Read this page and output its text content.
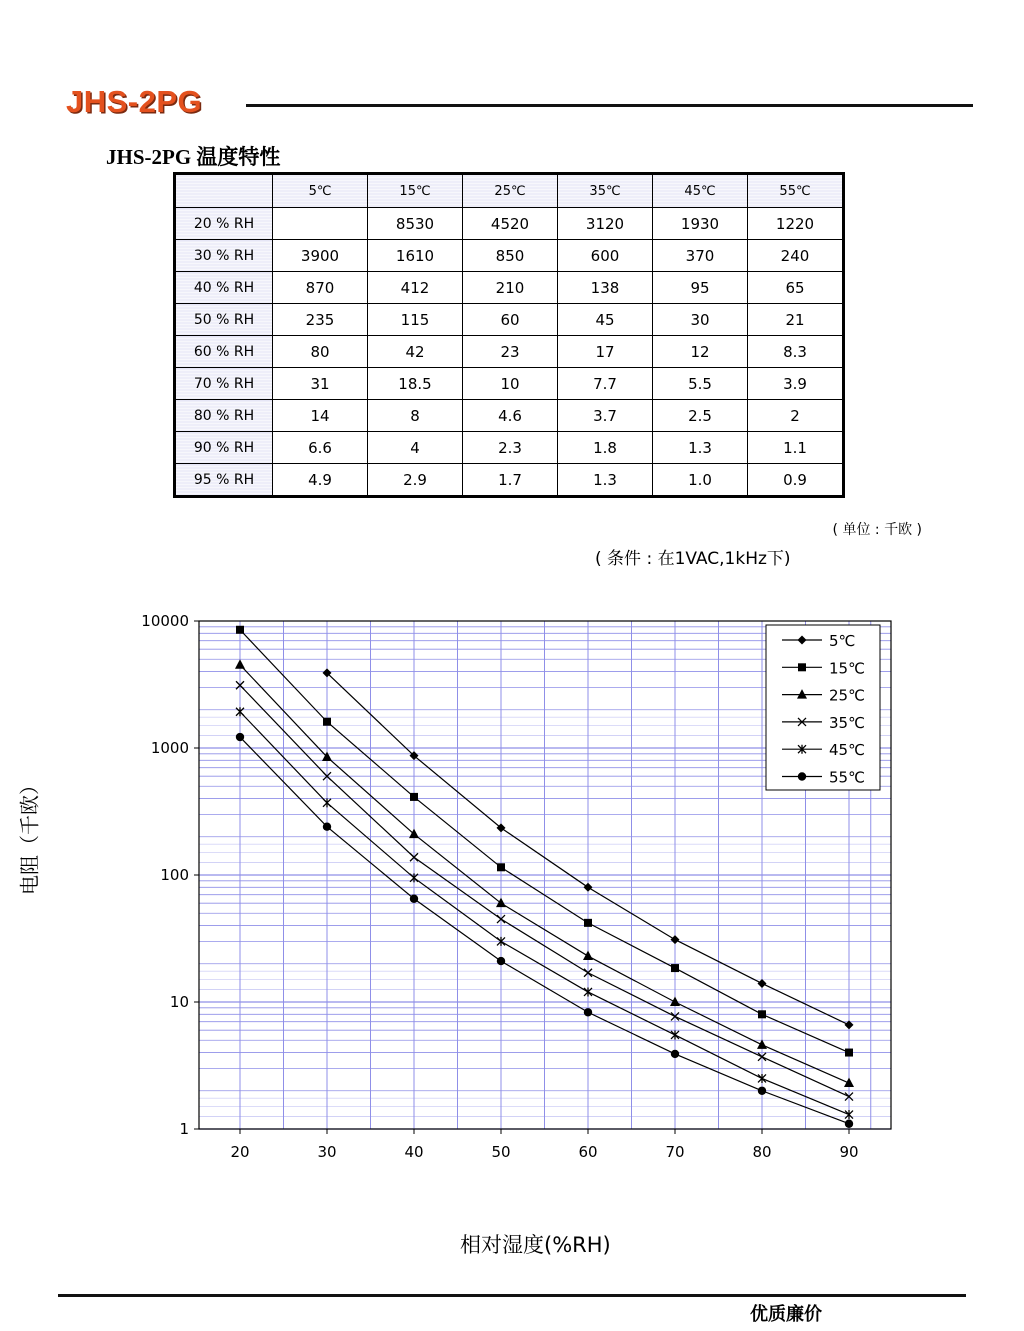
JHS-2PG
JHS-2PG 温度特性
	5℃	15℃	25℃	35℃	45℃	55℃
20 % RH		8530	4520	3120	1930	1220
30 % RH	3900	1610	850	600	370	240
40 % RH	870	412	210	138	95	65
50 % RH	235	115	60	45	30	21
60 % RH	80	42	23	17	12	8.3
70 % RH	31	18.5	10	7.7	5.5	3.9
80 % RH	14	8	4.6	3.7	2.5	2
90 % RH	6.6	4	2.3	1.8	1.3	1.1
95 % RH	4.9	2.9	1.7	1.3	1.0	0.9
( 单位 : 千欧 )
( 条件 : 在1VAC,1kHz下)
1
10
100
1000
10000
20	30	40	50	60	70	80	90
5℃
15℃
25℃
35℃
45℃
55℃
电阻（千欧）
相对湿度(%RH)
优质廉价
